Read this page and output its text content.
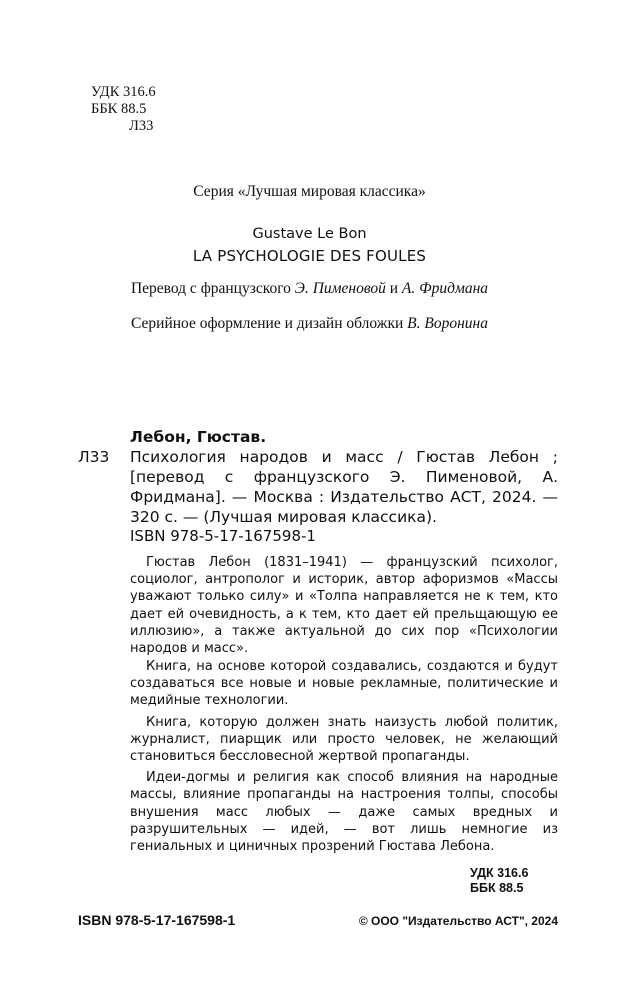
УДК 316.6
ББК 88.5
Л33
Серия «Лучшая мировая классика»
Gustave Le Bon
LA PSYCHOLOGIE DES FOULES
Перевод с французского Э. Пименовой и А. Фридмана
Серийное оформление и дизайн обложки В. Воронина
Лебон, Гюстав.
Л33	Психология народов и масс / Гюстав Лебон ; [перевод с французского Э. Пименовой, А. Фридмана]. — Москва : Издательство АСТ, 2024. — 320 с. — (Лучшая мировая классика).
ISBN 978-5-17-167598-1

Гюстав Лебон (1831–1941) — французский психолог, социолог, антрополог и историк, автор афоризмов «Массы уважают только силу» и «Толпа направляется не к тем, кто дает ей очевидность, а к тем, кто дает ей прельщающую ее иллюзию», а также актуальной до сих пор «Психологии народов и масс».

Книга, на основе которой создавались, создаются и будут создаваться все новые и новые рекламные, политические и медийные технологии.

Книга, которую должен знать наизусть любой политик, журналист, пиарщик или просто человек, не желающий становиться бессловесной жертвой пропаганды.

Идеи-догмы и религия как способ влияния на народные массы, влияние пропаганды на настроения толпы, способы внушения масс любых — даже самых вредных и разрушительных — идей, — вот лишь немногие из гениальных и циничных прозрений Гюстава Лебона.

УДК 316.6
ББК 88.5
ISBN 978-5-17-167598-1	© ООО "Издательство АСТ", 2024
